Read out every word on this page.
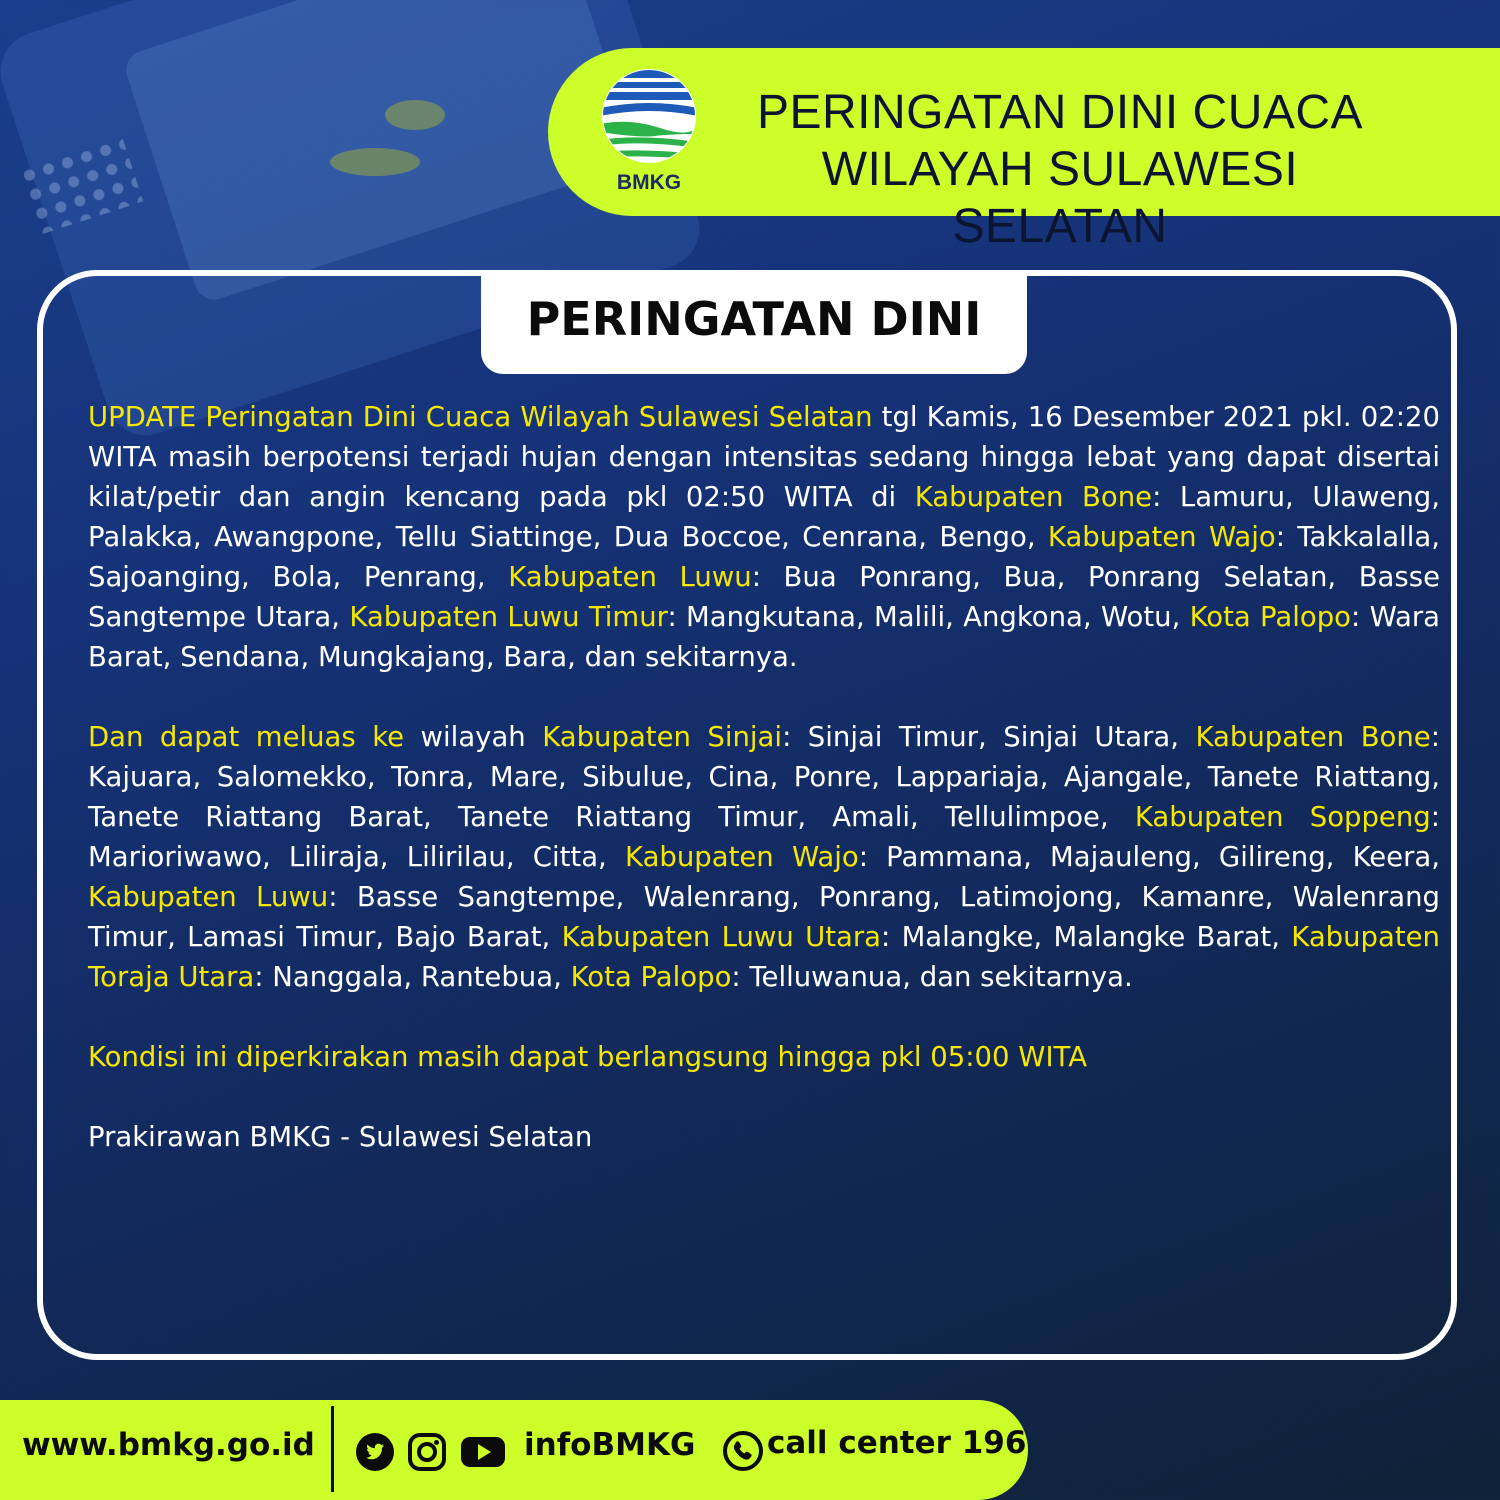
BMKG
PERINGATAN DINI CUACA
WILAYAH SULAWESI SELATAN
PERINGATAN DINI

UPDATE Peringatan Dini Cuaca Wilayah Sulawesi Selatan tgl Kamis, 16 Desember 2021 pkl. 02:20 WITA masih berpotensi terjadi hujan dengan intensitas sedang hingga lebat yang dapat disertai kilat/petir dan angin kencang pada pkl 02:50 WITA di Kabupaten Bone: Lamuru, Ulaweng, Palakka, Awangpone, Tellu Siattinge, Dua Boccoe, Cenrana, Bengo, Kabupaten Wajo: Takkalalla, Sajoanging, Bola, Penrang, Kabupaten Luwu: Bua Ponrang, Bua, Ponrang Selatan, Basse Sangtempe Utara, Kabupaten Luwu Timur: Mangkutana, Malili, Angkona, Wotu, Kota Palopo: Wara Barat, Sendana, Mungkajang, Bara, dan sekitarnya.

Dan dapat meluas ke wilayah Kabupaten Sinjai: Sinjai Timur, Sinjai Utara, Kabupaten Bone: Kajuara, Salomekko, Tonra, Mare, Sibulue, Cina, Ponre, Lappariaja, Ajangale, Tanete Riattang, Tanete Riattang Barat, Tanete Riattang Timur, Amali, Tellulimpoe, Kabupaten Soppeng: Marioriwawo, Liliraja, Lilirilau, Citta, Kabupaten Wajo: Pammana, Majauleng, Gilireng, Keera, Kabupaten Luwu: Basse Sangtempe, Walenrang, Ponrang, Latimojong, Kamanre, Walenrang Timur, Lamasi Timur, Bajo Barat, Kabupaten Luwu Utara: Malangke, Malangke Barat, Kabupaten Toraja Utara: Nanggala, Rantebua, Kota Palopo: Telluwanua, dan sekitarnya.

Kondisi ini diperkirakan masih dapat berlangsung hingga pkl 05:00 WITA

Prakirawan BMKG - Sulawesi Selatan

www.bmkg.go.id	infoBMKG call center 196
